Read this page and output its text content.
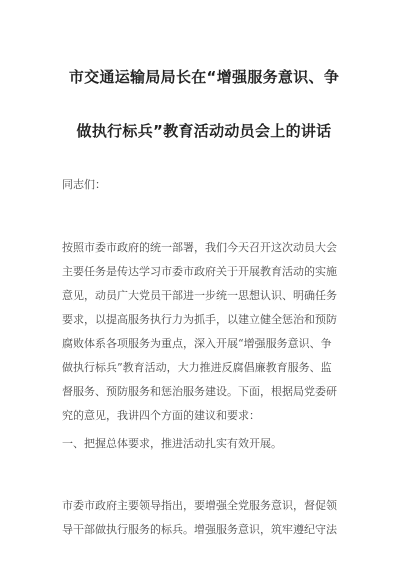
市交通运输局局长在“增强服务意识、争
做执行标兵”教育活动动员会上的讲话
同志们：
按照市委市政府的统一部署，我们今天召开这次动员大会
主要任务是传达学习市委市政府关于开展教育活动的实施
意见，动员广大党员干部进一步统一思想认识、明确任务
要求，以提高服务执行力为抓手，以建立健全惩治和预防
腐败体系各项服务为重点，深入开展“增强服务意识、争
做执行标兵”教育活动，大力推进反腐倡廉教育服务、监
督服务、预防服务和惩治服务建设。下面，根据局党委研
究的意见，我讲四个方面的建议和要求：
一、把握总体要求，推进活动扎实有效开展。
市委市政府主要领导指出，要增强全党服务意识，督促领
导干部做执行服务的标兵。增强服务意识，筑牢遵纪守法
